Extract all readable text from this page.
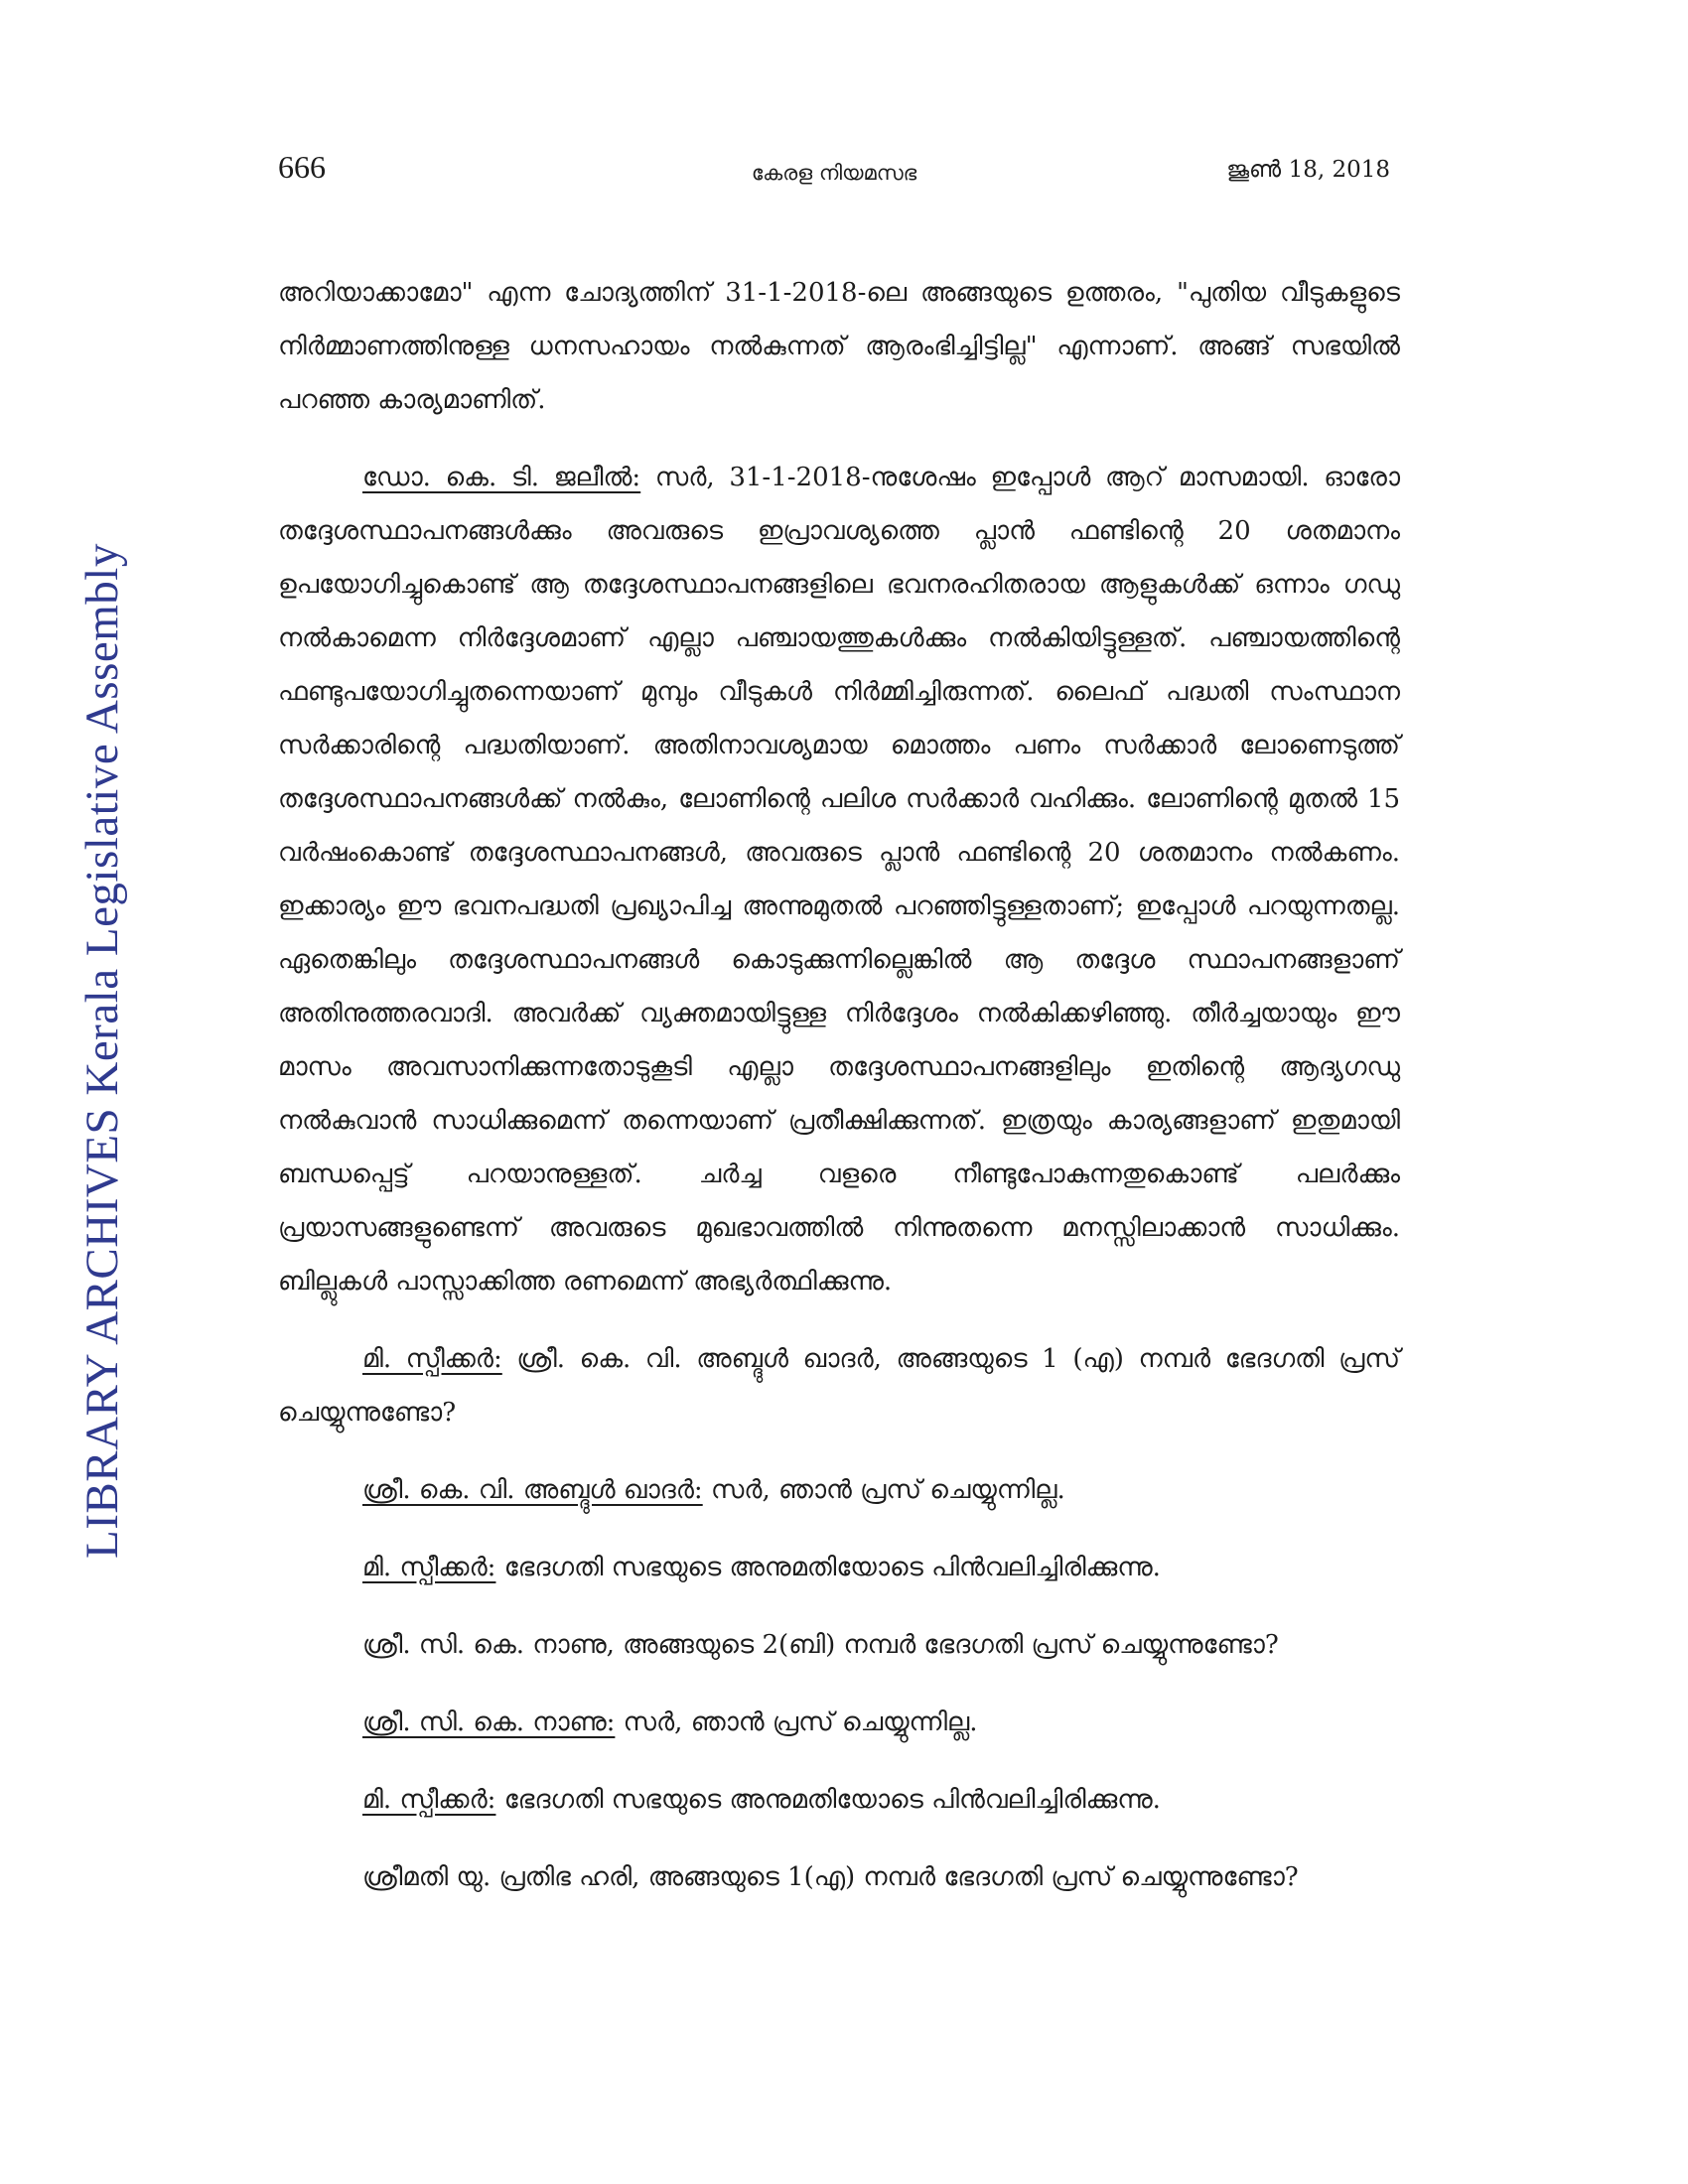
LIBRARY ARCHIVES Kerala Legislative Assembly
666	കേരള നിയമസഭ	ജൂൺ 18, 2018

അറിയാക്കാമോ" എന്ന ചോദ്യത്തിന് 31-1-2018-ലെ അങ്ങയുടെ ഉത്തരം, "പുതിയ വീടുകളുടെ നിർമ്മാണത്തിനുള്ള ധനസഹായം നൽകുന്നത് ആരംഭിച്ചിട്ടില്ല" എന്നാണ്. അങ്ങ് സഭയിൽ പറഞ്ഞ കാര്യമാണിത്.

ഡോ. കെ. ടി. ജലീൽ: സർ, 31-1-2018-നുശേഷം ഇപ്പോൾ ആറ് മാസമായി. ഓരോ തദ്ദേശസ്ഥാപനങ്ങൾക്കും അവരുടെ ഇപ്രാവശ്യത്തെ പ്ലാൻ ഫണ്ടിന്റെ 20 ശതമാനം ഉപയോഗിച്ചുകൊണ്ട് ആ തദ്ദേശസ്ഥാപനങ്ങളിലെ ഭവനരഹിതരായ ആളുകൾക്ക് ഒന്നാം ഗഡു നൽകാമെന്ന നിർദ്ദേശമാണ് എല്ലാ പഞ്ചായത്തുകൾക്കും നൽകിയിട്ടുള്ളത്. പഞ്ചായത്തിന്റെ ഫണ്ടുപയോഗിച്ചുതന്നെയാണ് മുമ്പും വീടുകൾ നിർമ്മിച്ചിരുന്നത്. ലൈഫ് പദ്ധതി സംസ്ഥാന സർക്കാരിന്റെ പദ്ധതിയാണ്. അതിനാവശ്യമായ മൊത്തം പണം സർക്കാർ ലോണെടുത്ത് തദ്ദേശസ്ഥാപനങ്ങൾക്ക് നൽകും, ലോണിന്റെ പലിശ സർക്കാർ വഹിക്കും. ലോണിന്റെ മുതൽ 15 വർഷംകൊണ്ട് തദ്ദേശസ്ഥാപനങ്ങൾ, അവരുടെ പ്ലാൻ ഫണ്ടിന്റെ 20 ശതമാനം നൽകണം. ഇക്കാര്യം ഈ ഭവനപദ്ധതി പ്രഖ്യാപിച്ച അന്നുമുതൽ പറഞ്ഞിട്ടുള്ളതാണ്; ഇപ്പോൾ പറയുന്നതല്ല. ഏതെങ്കിലും തദ്ദേശസ്ഥാപനങ്ങൾ കൊടുക്കുന്നില്ലെങ്കിൽ ആ തദ്ദേശ സ്ഥാപനങ്ങളാണ് അതിനുത്തരവാദി. അവർക്ക് വ്യക്തമായിട്ടുള്ള നിർദ്ദേശം നൽകിക്കഴിഞ്ഞു. തീർച്ചയായും ഈ മാസം അവസാനിക്കുന്നതോടുകൂടി എല്ലാ തദ്ദേശസ്ഥാപനങ്ങളിലും ഇതിന്റെ ആദ്യഗഡു നൽകുവാൻ സാധിക്കുമെന്ന് തന്നെയാണ് പ്രതീക്ഷിക്കുന്നത്. ഇത്രയും കാര്യങ്ങളാണ് ഇതുമായി ബന്ധപ്പെട്ട് പറയാനുള്ളത്. ചർച്ച വളരെ നീണ്ടുപോകുന്നതുകൊണ്ട് പലർക്കും പ്രയാസങ്ങളുണ്ടെന്ന് അവരുടെ മുഖഭാവത്തിൽ നിന്നുതന്നെ മനസ്സിലാക്കാൻ സാധിക്കും. ബില്ലുകൾ പാസ്സാക്കിത്ത രണമെന്ന് അഭ്യർത്ഥിക്കുന്നു.

മി. സ്പീക്കർ: ശ്രീ. കെ. വി. അബ്ദുൾ ഖാദർ, അങ്ങയുടെ 1 (എ) നമ്പർ ഭേദഗതി പ്രസ് ചെയ്യുന്നുണ്ടോ?

ശ്രീ. കെ. വി. അബ്ദുൾ ഖാദർ: സർ, ഞാൻ പ്രസ് ചെയ്യുന്നില്ല.

മി. സ്പീക്കർ: ഭേദഗതി സഭയുടെ അനുമതിയോടെ പിൻവലിച്ചിരിക്കുന്നു.

ശ്രീ. സി. കെ. നാണു, അങ്ങയുടെ 2(ബി) നമ്പർ ഭേദഗതി പ്രസ് ചെയ്യുന്നുണ്ടോ?

ശ്രീ. സി. കെ. നാണു: സർ, ഞാൻ പ്രസ് ചെയ്യുന്നില്ല.

മി. സ്പീക്കർ: ഭേദഗതി സഭയുടെ അനുമതിയോടെ പിൻവലിച്ചിരിക്കുന്നു.

ശ്രീമതി യു. പ്രതിഭ ഹരി, അങ്ങയുടെ 1(എ) നമ്പർ ഭേദഗതി പ്രസ് ചെയ്യുന്നുണ്ടോ?
